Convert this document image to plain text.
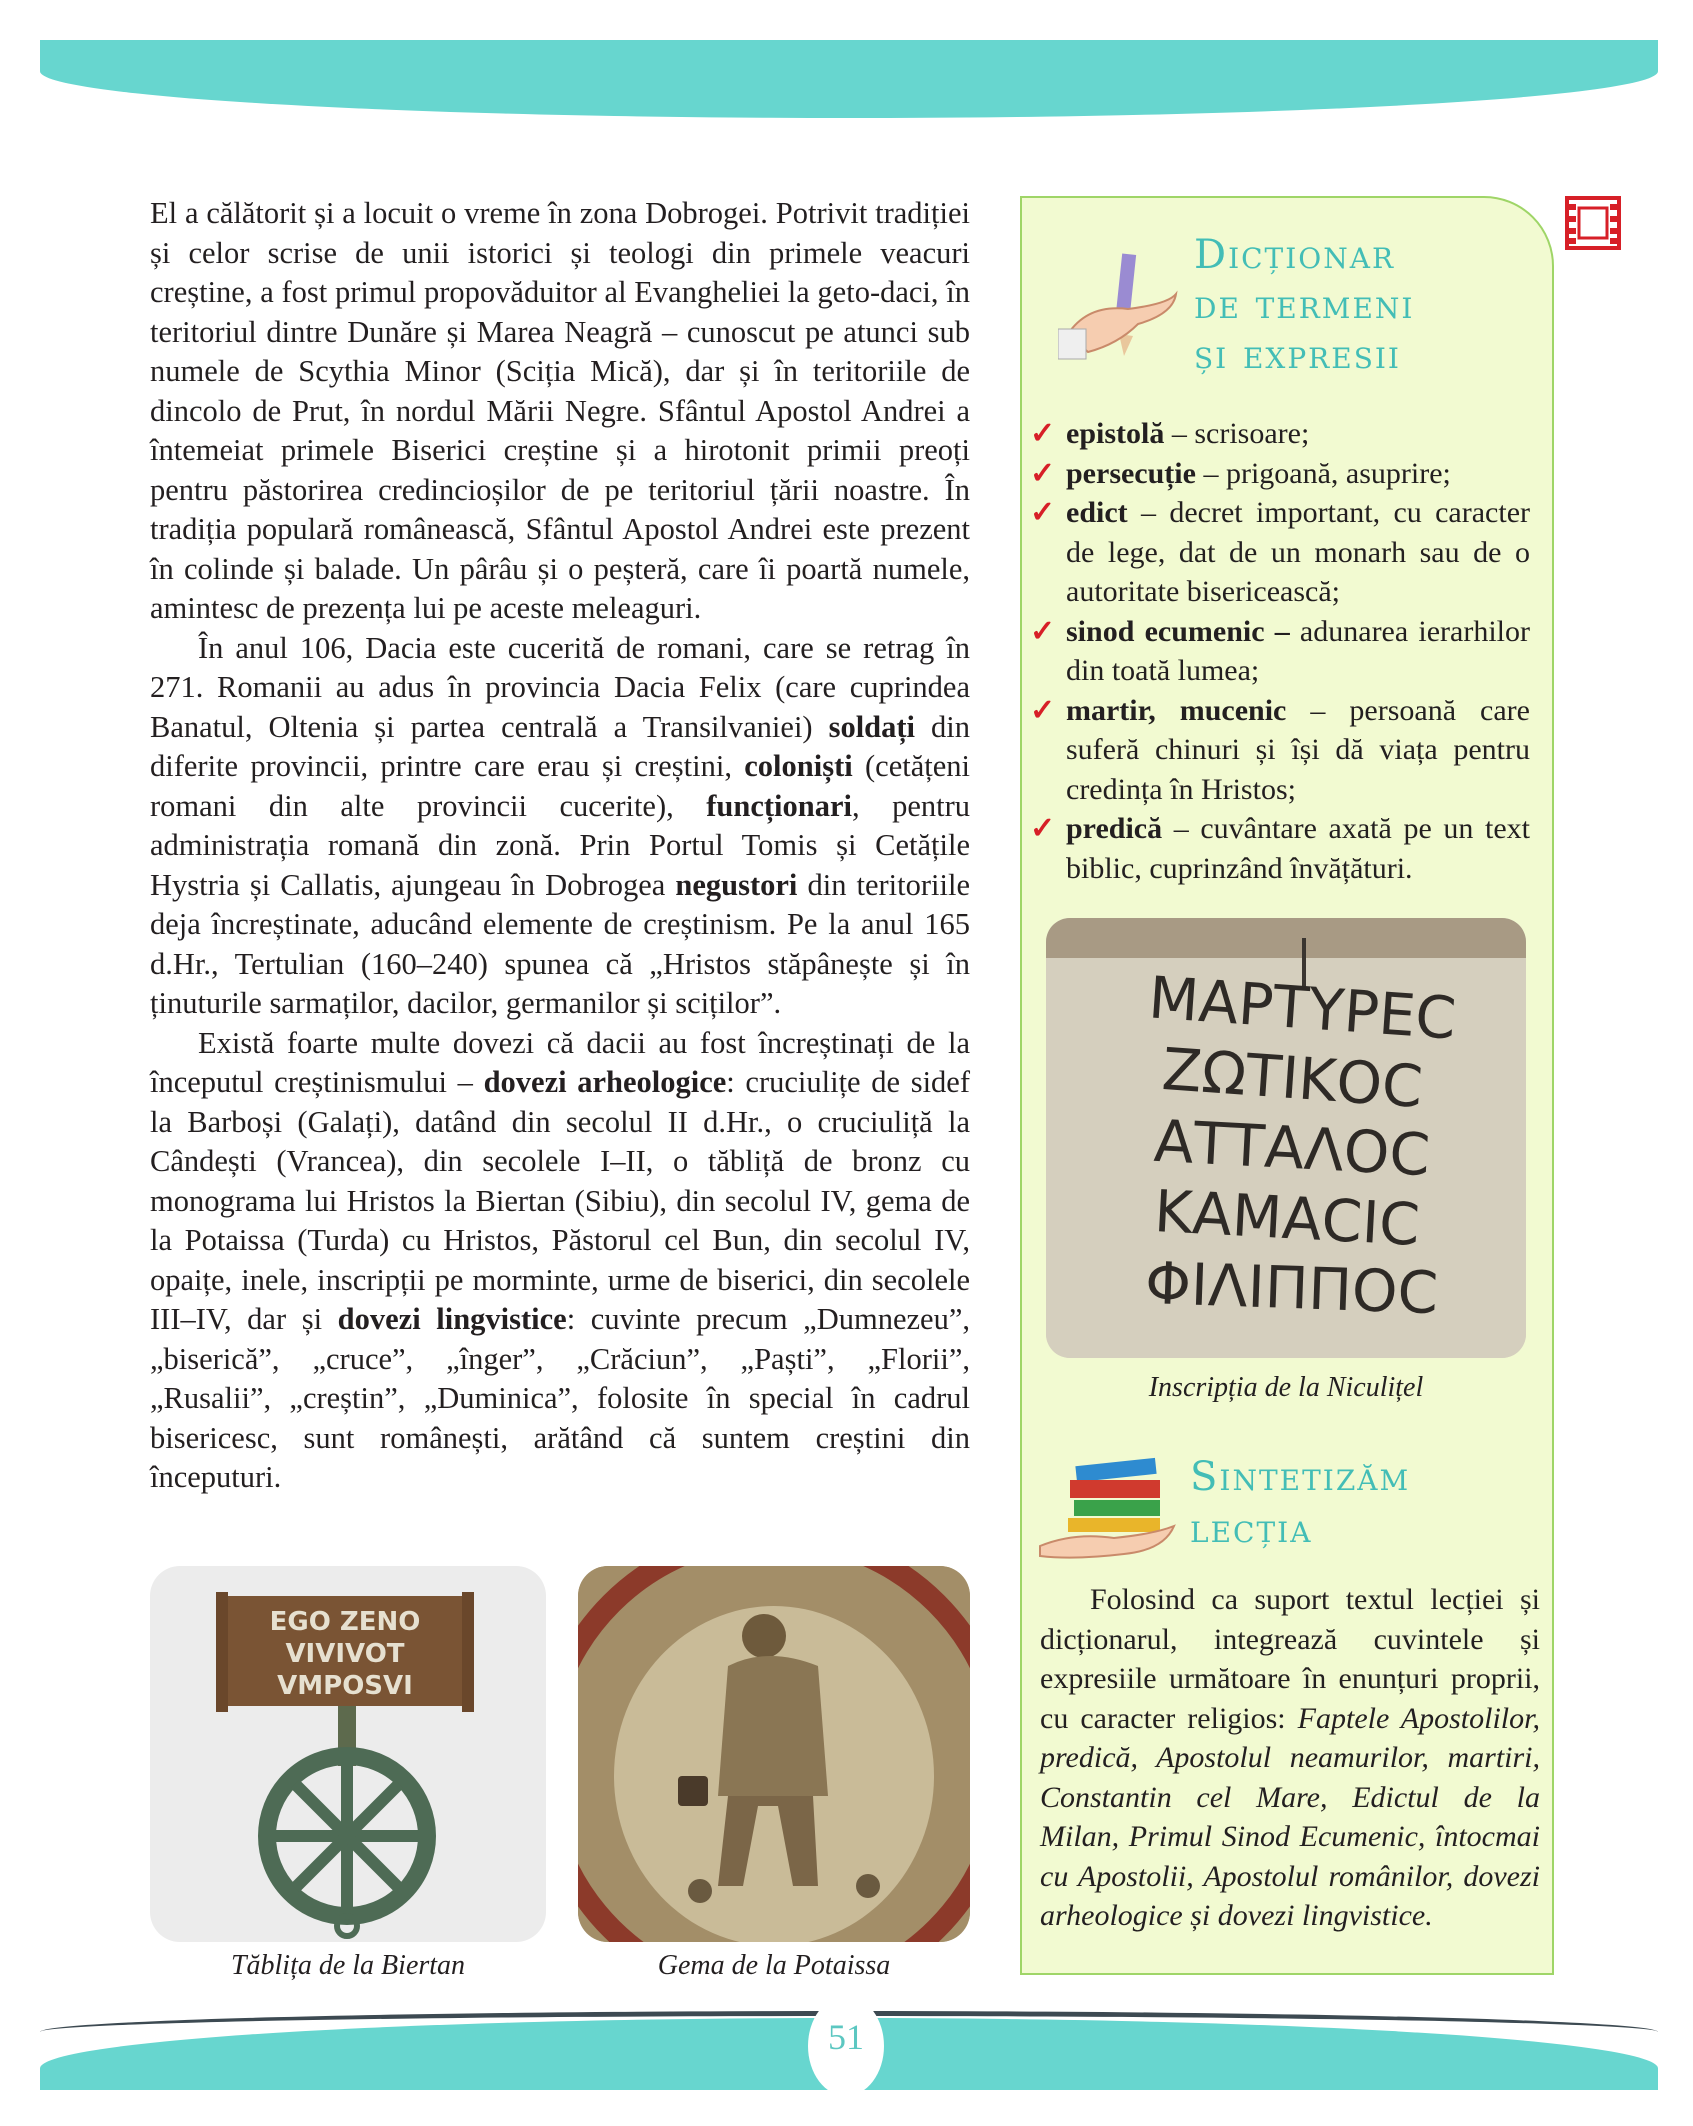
El a călătorit și a locuit o vreme în zona Dobrogei. Potrivit tradiției și celor scrise de unii istorici și teologi din primele veacuri creștine, a fost primul propovăduitor al Evangheliei la geto-daci, în teritoriul dintre Dunăre și Marea Neagră – cunoscut pe atunci sub numele de Scythia Minor (Sciția Mică), dar și în teritoriile de dincolo de Prut, în nordul Mării Negre. Sfântul Apostol Andrei a întemeiat primele Biserici creștine și a hirotonit primii preoți pentru păstorirea credincioșilor de pe teritoriul țării noastre. În tradiția populară românească, Sfântul Apostol Andrei este prezent în colinde și balade. Un pârâu și o peșteră, care îi poartă numele, amintesc de prezența lui pe aceste meleaguri.

În anul 106, Dacia este cucerită de romani, care se retrag în 271. Romanii au adus în provincia Dacia Felix (care cuprindea Banatul, Oltenia și partea centrală a Transilvaniei) soldați din diferite provincii, printre care erau și creștini, coloniști (cetățeni romani din alte provincii cucerite), funcționari, pentru administrația romană din zonă. Prin Portul Tomis și Cetățile Hystria și Callatis, ajungeau în Dobrogea negustori din teritoriile deja încreștinate, aducând elemente de creștinism. Pe la anul 165 d.Hr., Tertulian (160–240) spunea că „Hristos stăpânește și în ținuturile sarmaților, dacilor, germanilor și sciților”.

Există foarte multe dovezi că dacii au fost încreștinați de la începutul creștinismului – dovezi arheologice: cruciulițe de sidef la Barboși (Galați), datând din secolul II d.Hr., o cruciuliță la Cândești (Vrancea), din secolele I–II, o tăbliță de bronz cu monograma lui Hristos la Biertan (Sibiu), din secolul IV, gema de la Potaissa (Turda) cu Hristos, Păstorul cel Bun, din secolul IV, opaițe, inele, inscripții pe morminte, urme de biserici, din secolele III–IV, dar și dovezi lingvistice: cuvinte precum „Dumnezeu”, „biserică”, „cruce”, „înger”, „Crăciun”, „Paști”, „Florii”, „Rusalii”, „creștin”, „Duminica”, folosite în special în cadrul bisericesc, sunt românești, arătând că suntem creștini din începuturi.

EGO ZENO
VIVIVOT
VMPOSVI
Tăblița de la Biertan	Gema de la Potaissa
Dicționar
de termeni
și expresii
✓ epistolă – scrisoare;
✓ persecuție – prigoană, asuprire;
✓ edict – decret important, cu caracter de lege, dat de un monarh sau de o autoritate bisericească;
✓ sinod ecumenic – adunarea ierarhilor din toată lumea;
✓ martir, mucenic – persoană care suferă chinuri și își dă viața pentru credința în Hristos;
✓ predică – cuvântare axată pe un text biblic, cuprinzând învățături.
ΜΑΡΤΥΡΕϹ
ΖΩΤΙΚΟϹ
ΑΤΤΑΛΟϹ
ΚΑΜΑϹΙϹ
ΦΙΛΙΠΠΟϹ
Inscripția de la Niculițel
Sintetizăm
lecția

Folosind ca suport textul lecției și dicționarul, integrează cuvintele și expresiile următoare în enunțuri proprii, cu caracter religios: Faptele Apostolilor, predică, Apostolul neamurilor, martiri, Constantin cel Mare, Edictul de la Milan, Primul Sinod Ecumenic, întocmai cu Apostolii, Apostolul românilor, dovezi arheologice și dovezi lingvistice.

51
